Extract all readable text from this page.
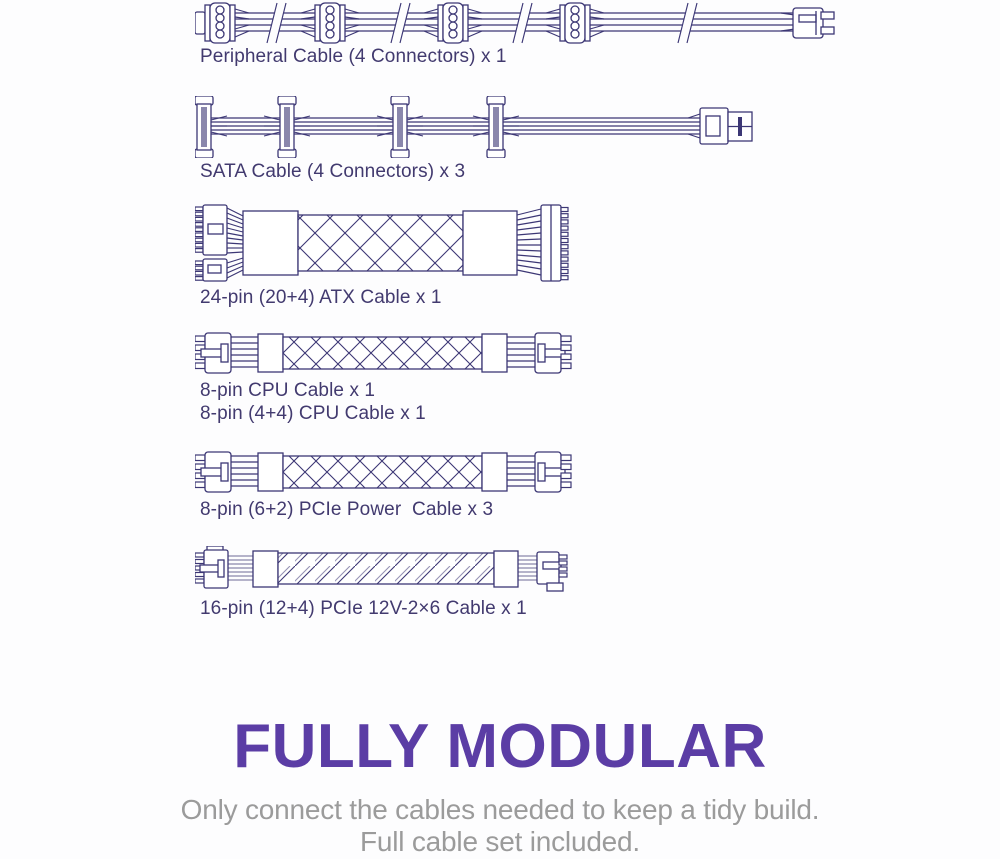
Peripheral Cable (4 Connectors) x 1
SATA Cable (4 Connectors) x 3
24-pin (20+4) ATX Cable x 1
8-pin CPU Cable x 1
8-pin (4+4) CPU Cable x 1
8-pin (6+2) PCIe Power  Cable x 3
16-pin (12+4) PCIe 12V-2×6 Cable x 1
FULLY MODULAR
Only connect the cables needed to keep a tidy build.
Full cable set included.
